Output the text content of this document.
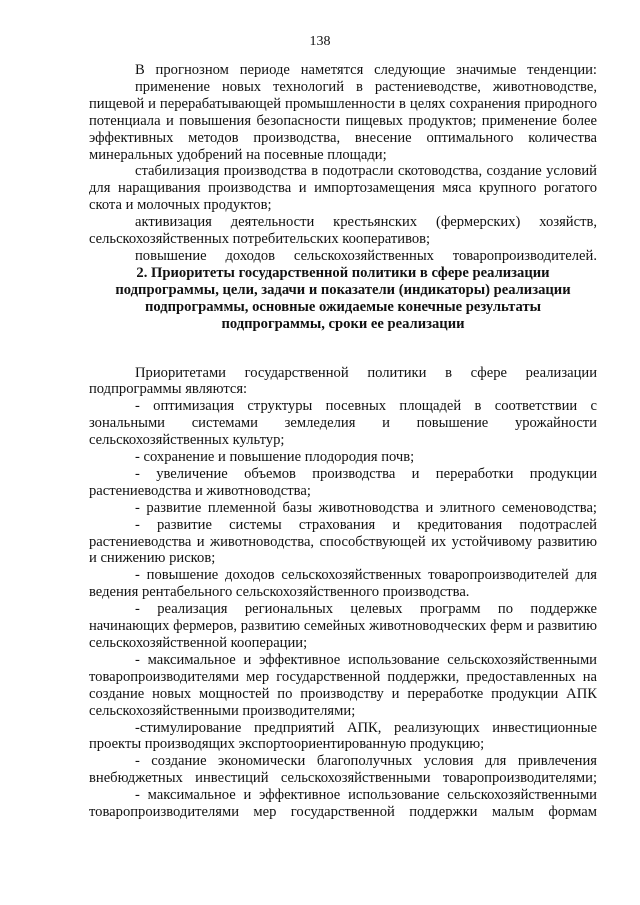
138

В прогнозном периоде наметятся следующие значимые тенденции:

применение новых технологий в растениеводстве, животноводстве, пищевой и перерабатывающей промышленности в целях сохранения природного потенциала и повышения безопасности пищевых продуктов; применение более эффективных методов производства, внесение оптимального количества минеральных удобрений на посевные площади;

стабилизация производства в подотрасли скотоводства, создание условий для наращивания производства и импортозамещения мяса крупного рогатого скота и молочных продуктов;

активизация деятельности крестьянских (фермерских) хозяйств, сельскохозяйственных потребительских кооперативов;

повышение доходов сельскохозяйственных товаропроизводителей.

2. Приоритеты государственной политики в сфере реализации

подпрограммы, цели, задачи и показатели (индикаторы) реализации

подпрограммы, основные ожидаемые конечные результаты

подпрограммы, сроки ее реализации

Приоритетами государственной политики в сфере реализации подпрограммы являются:

- оптимизация структуры посевных площадей в соответствии с зональными системами земледелия и повышение урожайности сельскохозяйственных культур;

- сохранение и повышение плодородия почв;

- увеличение объемов производства и переработки продукции растениеводства и животноводства;

- развитие племенной базы животноводства и элитного семеноводства;

- развитие системы страхования и кредитования подотраслей растениеводства и животноводства, способствующей их устойчивому развитию и снижению рисков;

- повышение доходов сельскохозяйственных товаропроизводителей для ведения рентабельного сельскохозяйственного производства.

- реализация региональных целевых программ по поддержке начинающих фермеров, развитию семейных животноводческих ферм и развитию сельскохозяйственной кооперации;

- максимальное и эффективное использование сельскохозяйственными товаропроизводителями мер государственной поддержки, предоставленных на создание новых мощностей по производству и переработке продукции АПК сельскохозяйственными производителями;

-стимулирование предприятий АПК, реализующих инвестиционные проекты производящих экспортоориентированную продукцию;

- создание экономически благополучных условия для привлечения внебюджетных инвестиций сельскохозяйственными товаропроизводителями;

- максимальное и эффективное использование сельскохозяйственными товаропроизводителями мер государственной поддержки малым формам
